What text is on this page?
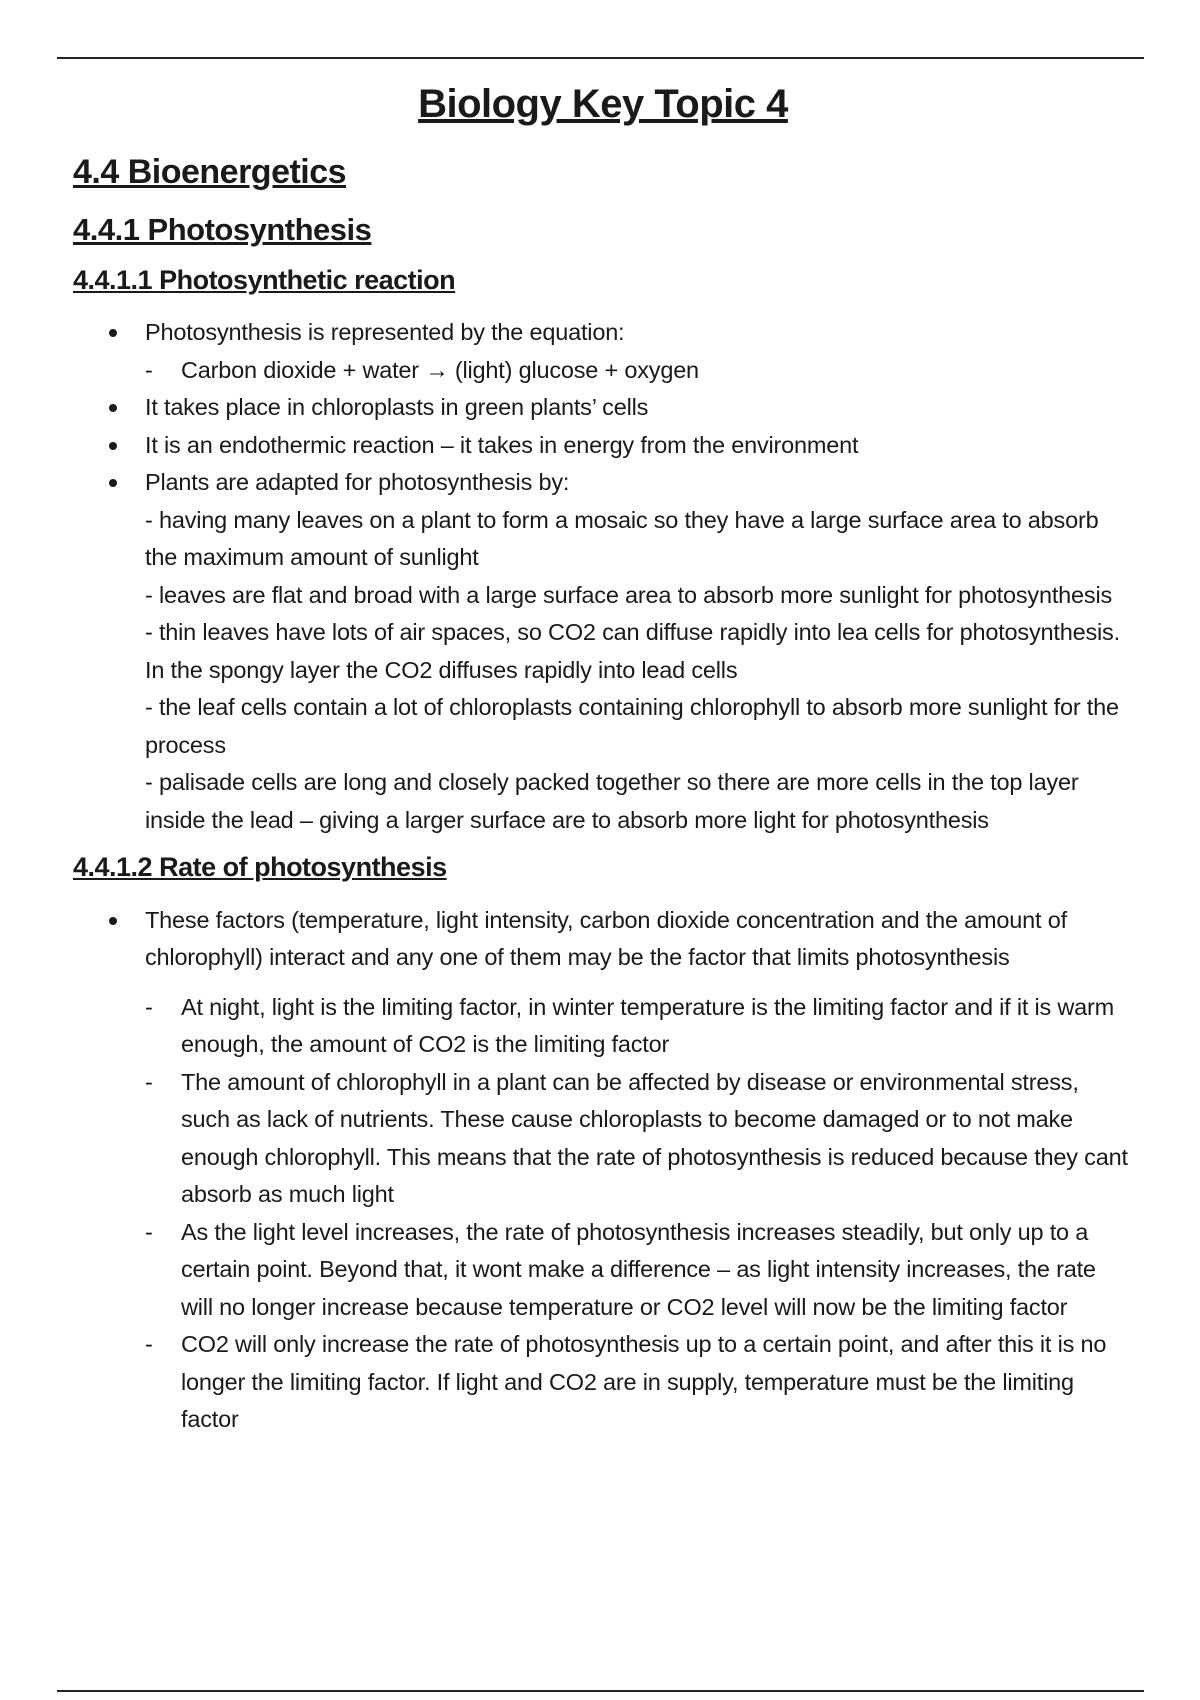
Biology Key Topic 4
4.4 Bioenergetics
4.4.1 Photosynthesis
4.4.1.1 Photosynthetic reaction
Photosynthesis is represented by the equation:
- Carbon dioxide + water → (light) glucose + oxygen
It takes place in chloroplasts in green plants’ cells
It is an endothermic reaction – it takes in energy from the environment
Plants are adapted for photosynthesis by:
- having many leaves on a plant to form a mosaic so they have a large surface area to absorb the maximum amount of sunlight
- leaves are flat and broad with a large surface area to absorb more sunlight for photosynthesis
- thin leaves have lots of air spaces, so CO2 can diffuse rapidly into lea cells for photosynthesis. In the spongy layer the CO2 diffuses rapidly into lead cells
- the leaf cells contain a lot of chloroplasts containing chlorophyll to absorb more sunlight for the process
- palisade cells are long and closely packed together so there are more cells in the top layer inside the lead – giving a larger surface are to absorb more light for photosynthesis
4.4.1.2 Rate of photosynthesis
These factors (temperature, light intensity, carbon dioxide concentration and the amount of chlorophyll) interact and any one of them may be the factor that limits photosynthesis
- At night, light is the limiting factor, in winter temperature is the limiting factor and if it is warm enough, the amount of CO2 is the limiting factor
- The amount of chlorophyll in a plant can be affected by disease or environmental stress, such as lack of nutrients. These cause chloroplasts to become damaged or to not make enough chlorophyll. This means that the rate of photosynthesis is reduced because they cant absorb as much light
- As the light level increases, the rate of photosynthesis increases steadily, but only up to a certain point. Beyond that, it wont make a difference – as light intensity increases, the rate will no longer increase because temperature or CO2 level will now be the limiting factor
- CO2 will only increase the rate of photosynthesis up to a certain point, and after this it is no longer the limiting factor. If light and CO2 are in supply, temperature must be the limiting factor
